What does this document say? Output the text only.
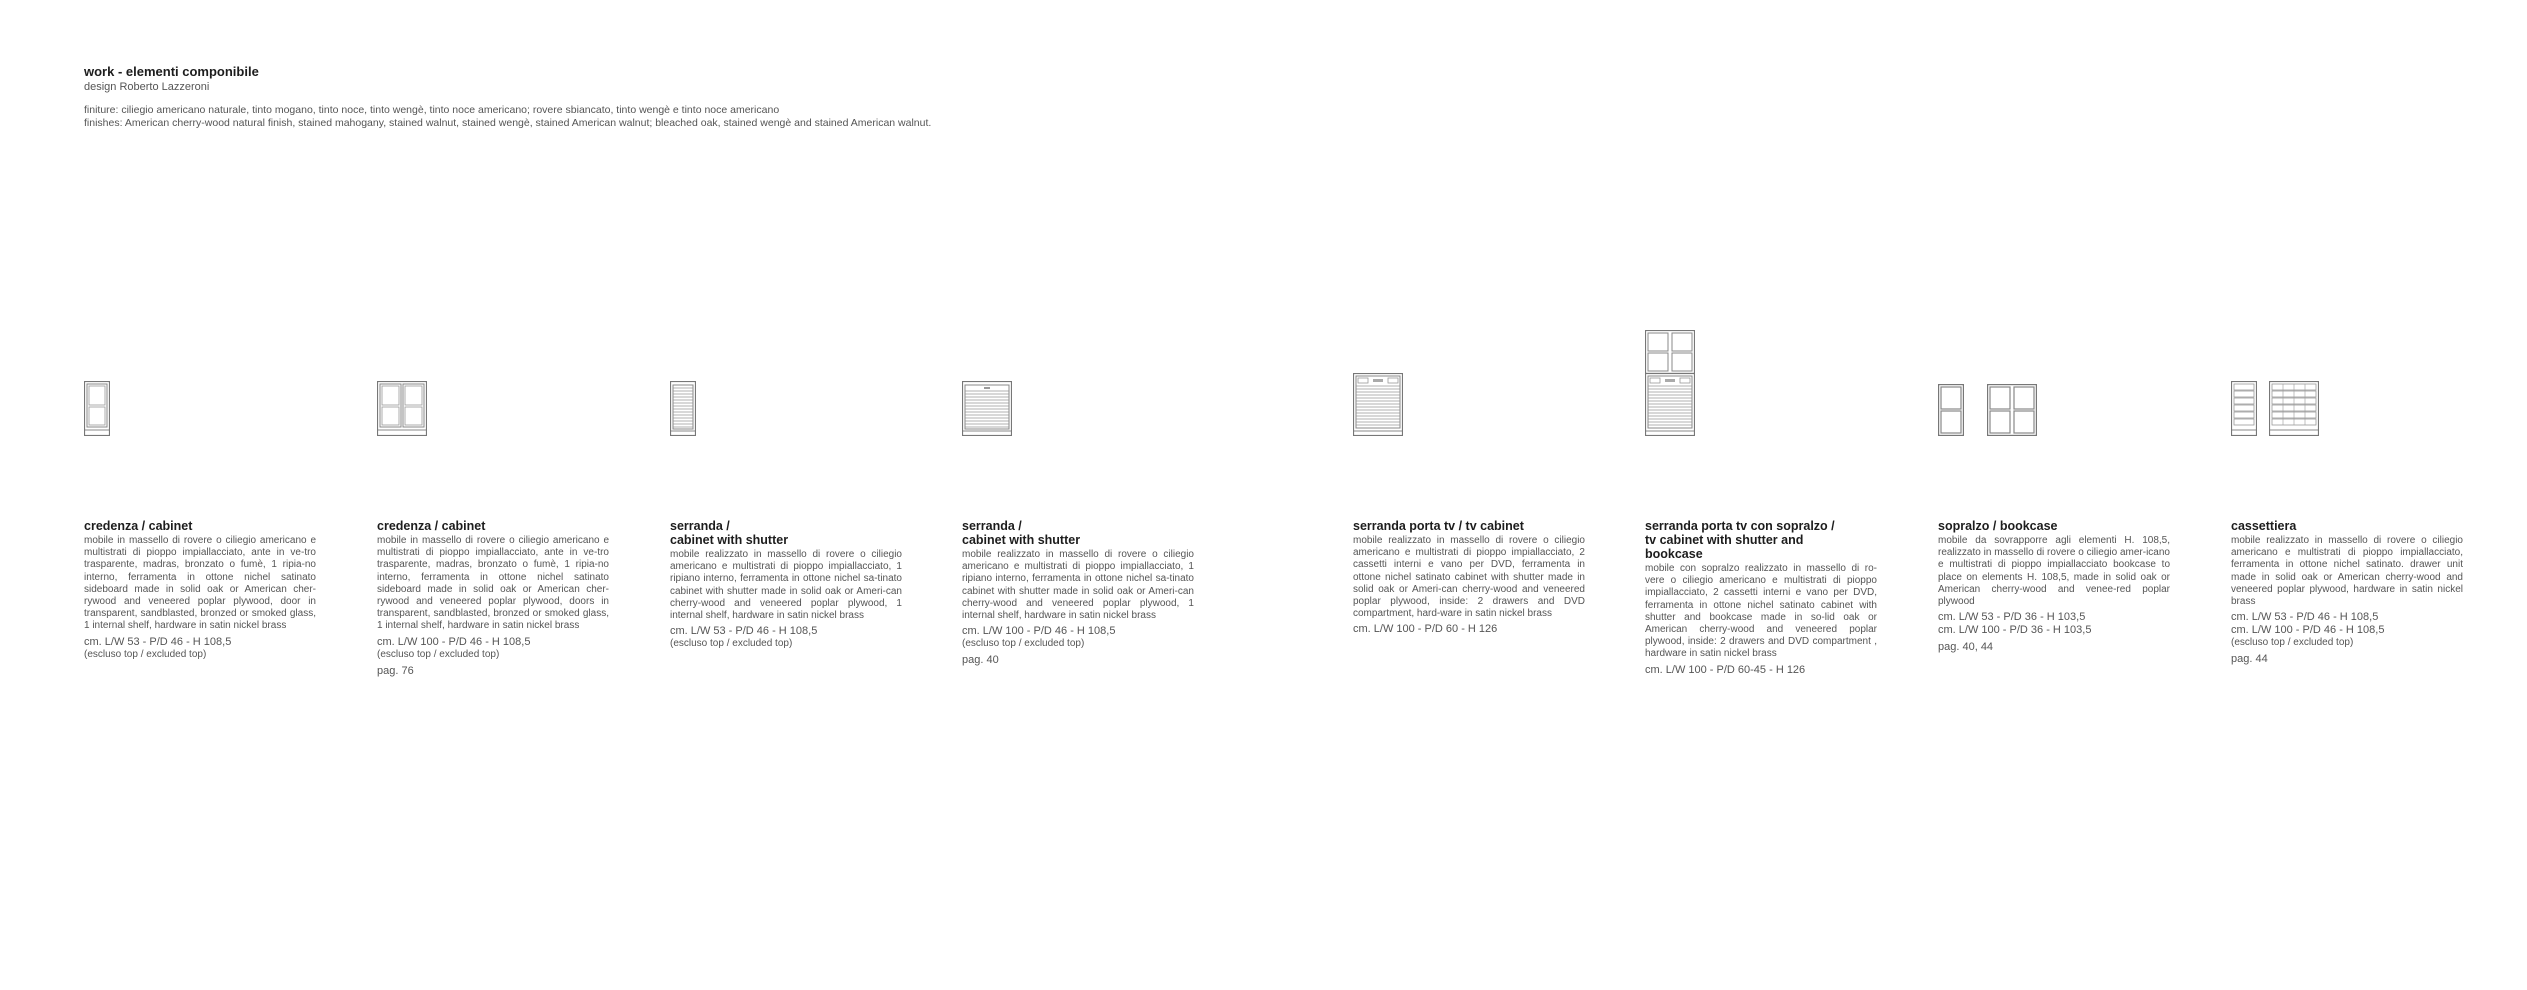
work - elementi componibile
design Roberto Lazzeroni
finiture: ciliegio americano naturale, tinto mogano, tinto noce, tinto wengè, tinto noce americano; rovere sbiancato, tinto wengè e tinto noce americano
finishes: American cherry-wood natural finish, stained mahogany, stained walnut, stained wengè, stained American walnut; bleached oak, stained wengè and stained American walnut.
credenza / cabinet
mobile in massello di rovere o ciliegio americano e multistrati di pioppo impiallacciato, ante in ve-tro trasparente, madras, bronzato o fumè, 1 ripia-no interno, ferramenta in ottone nichel satinato sideboard made in solid oak or American cher-rywood and veneered poplar plywood, door in transparent, sandblasted, bronzed or smoked glass, 1 internal shelf, hardware in satin nickel brass
cm. L/W 53 - P/D 46 - H 108,5
(escluso top / excluded top)
credenza / cabinet
mobile in massello di rovere o ciliegio americano e multistrati di pioppo impiallacciato, ante in ve-tro trasparente, madras, bronzato o fumè, 1 ripia-no interno, ferramenta in ottone nichel satinato sideboard made in solid oak or American cher-rywood and veneered poplar plywood, doors in transparent, sandblasted, bronzed or smoked glass, 1 internal shelf, hardware in satin nickel brass
cm. L/W 100 - P/D 46 - H 108,5
(escluso top / excluded top)
pag. 76
serranda /
cabinet with shutter
mobile realizzato in massello di rovere o ciliegio americano e multistrati di pioppo impiallacciato, 1 ripiano interno, ferramenta in ottone nichel sa-tinato cabinet with shutter made in solid oak or Ameri-can cherry-wood and veneered poplar plywood, 1 internal shelf, hardware in satin nickel brass
cm. L/W 53 - P/D 46 - H 108,5
(escluso top / excluded top)
serranda /
cabinet with shutter
mobile realizzato in massello di rovere o ciliegio americano e multistrati di pioppo impiallacciato, 1 ripiano interno, ferramenta in ottone nichel sa-tinato cabinet with shutter made in solid oak or Ameri-can cherry-wood and veneered poplar plywood, 1 internal shelf, hardware in satin nickel brass
cm. L/W 100 - P/D 46 - H 108,5
(escluso top / excluded top)
pag. 40
serranda porta tv / tv cabinet
mobile realizzato in massello di rovere o ciliegio americano e multistrati di pioppo impiallacciato, 2 cassetti interni e vano per DVD, ferramenta in ottone nichel satinato cabinet with shutter made in solid oak or Ameri-can cherry-wood and veneered poplar plywood, inside: 2 drawers and DVD compartment, hard-ware in satin nickel brass
cm. L/W 100 - P/D 60 - H 126
serranda porta tv con sopralzo /
tv cabinet with shutter and
bookcase
mobile con sopralzo realizzato in massello di ro-vere o ciliegio americano e multistrati di pioppo impiallacciato, 2 cassetti interni e vano per DVD, ferramenta in ottone nichel satinato cabinet with shutter and bookcase made in so-lid oak or American cherry-wood and veneered poplar plywood, inside: 2 drawers and DVD compartment , hardware in satin nickel brass
cm. L/W 100 - P/D 60-45 - H 126
sopralzo / bookcase
mobile da sovrapporre agli elementi H. 108,5, realizzato in massello di rovere o ciliegio amer-icano e multistrati di pioppo impiallacciato bookcase to place on elements H. 108,5, made in solid oak or American cherry-wood and venee-red poplar plywood
cm. L/W 53 - P/D 36 - H 103,5
cm. L/W 100 - P/D 36 - H 103,5
pag. 40, 44
cassettiera
mobile realizzato in massello di rovere o ciliegio americano e multistrati di pioppo impiallacciato, ferramenta in ottone nichel satinato. drawer unit made in solid oak or American cherry-wood and veneered poplar plywood, hardware in satin nickel brass
cm. L/W 53 - P/D 46 - H 108,5
cm. L/W 100 - P/D 46 - H 108,5
(escluso top / excluded top)
pag. 44
